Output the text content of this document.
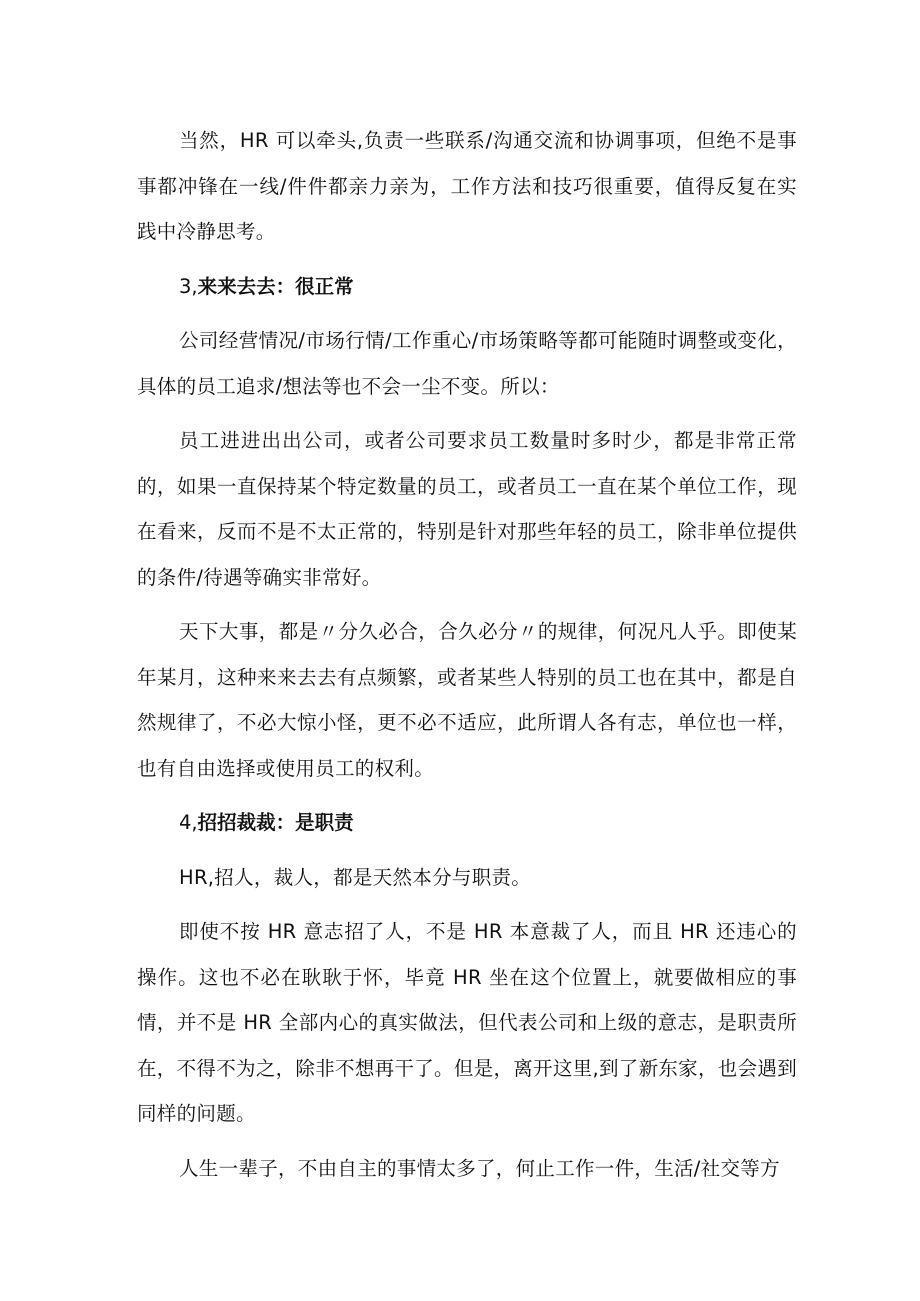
当然，HR 可以牵头,负责一些联系/沟通交流和协调事项，但绝不是事事都冲锋在一线/件件都亲力亲为，工作方法和技巧很重要，值得反复在实践中冷静思考。

3,来来去去：很正常

公司经营情况/市场行情/工作重心/市场策略等都可能随时调整或变化，具体的员工追求/想法等也不会一尘不变。所以：

员工进进出出公司，或者公司要求员工数量时多时少，都是非常正常的，如果一直保持某个特定数量的员工，或者员工一直在某个单位工作，现在看来，反而不是不太正常的，特别是针对那些年轻的员工，除非单位提供的条件/待遇等确实非常好。

天下大事，都是〃分久必合，合久必分〃的规律，何况凡人乎。即使某年某月，这种来来去去有点频繁，或者某些人特别的员工也在其中，都是自然规律了，不必大惊小怪，更不必不适应，此所谓人各有志，单位也一样，也有自由选择或使用员工的权利。

4,招招裁裁：是职责

HR,招人，裁人，都是天然本分与职责。

即使不按 HR 意志招了人，不是 HR 本意裁了人，而且 HR 还违心的操作。这也不必在耿耿于怀，毕竟 HR 坐在这个位置上，就要做相应的事情，并不是 HR 全部内心的真实做法，但代表公司和上级的意志，是职责所在，不得不为之，除非不想再干了。但是，离开这里,到了新东家，也会遇到同样的问题。

人生一辈子，不由自主的事情太多了，何止工作一件，生活/社交等方
